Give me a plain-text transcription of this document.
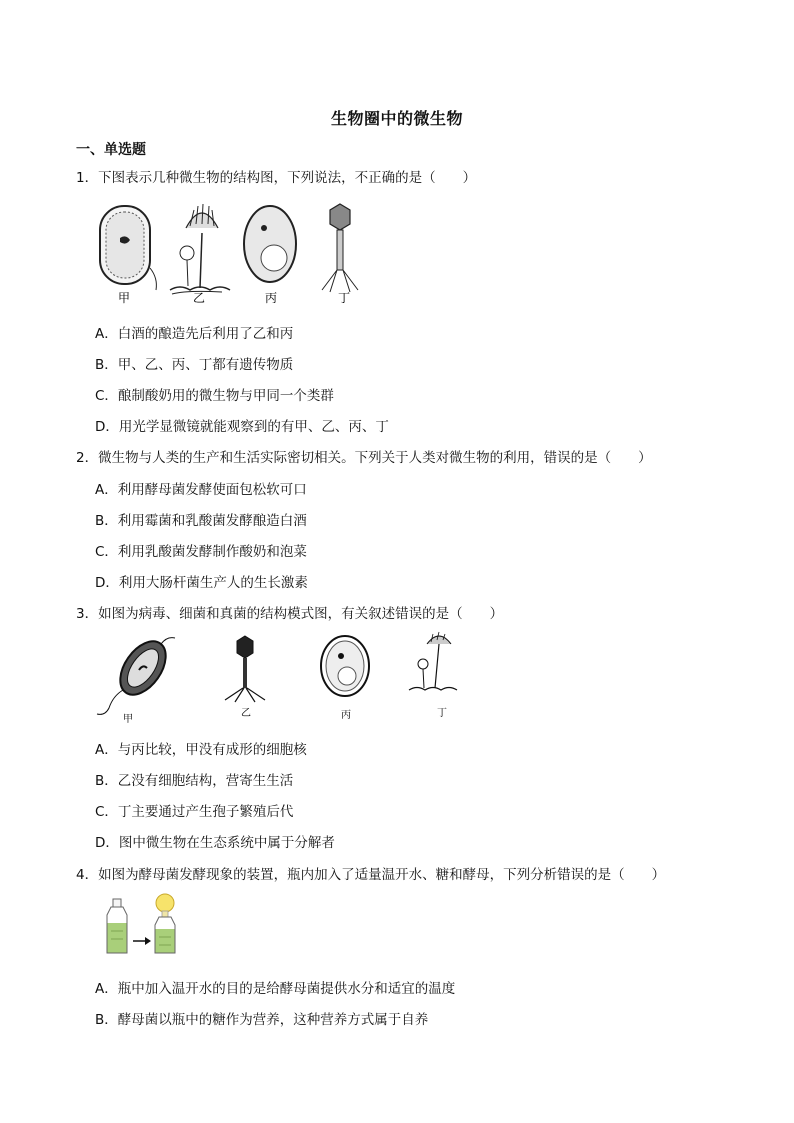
生物圈中的微生物
一、单选题
1．下图表示几种微生物的结构图，下列说法，不正确的是（　　）
甲	乙	丙	丁
A．白酒的酿造先后利用了乙和丙
B．甲、乙、丙、丁都有遗传物质
C．酿制酸奶用的微生物与甲同一个类群
D．用光学显微镜就能观察到的有甲、乙、丙、丁
2．微生物与人类的生产和生活实际密切相关。下列关于人类对微生物的利用，错误的是（　　）
A．利用酵母菌发酵使面包松软可口
B．利用霉菌和乳酸菌发酵酿造白酒
C．利用乳酸菌发酵制作酸奶和泡菜
D．利用大肠杆菌生产人的生长激素
3．如图为病毒、细菌和真菌的结构模式图，有关叙述错误的是（　　）
甲
乙	丙	丁
A．与丙比较，甲没有成形的细胞核
B．乙没有细胞结构，营寄生生活
C．丁主要通过产生孢子繁殖后代
D．图中微生物在生态系统中属于分解者
4．如图为酵母菌发酵现象的装置，瓶内加入了适量温开水、糖和酵母，下列分析错误的是（　　）
A．瓶中加入温开水的目的是给酵母菌提供水分和适宜的温度
B．酵母菌以瓶中的糖作为营养，这种营养方式属于自养
